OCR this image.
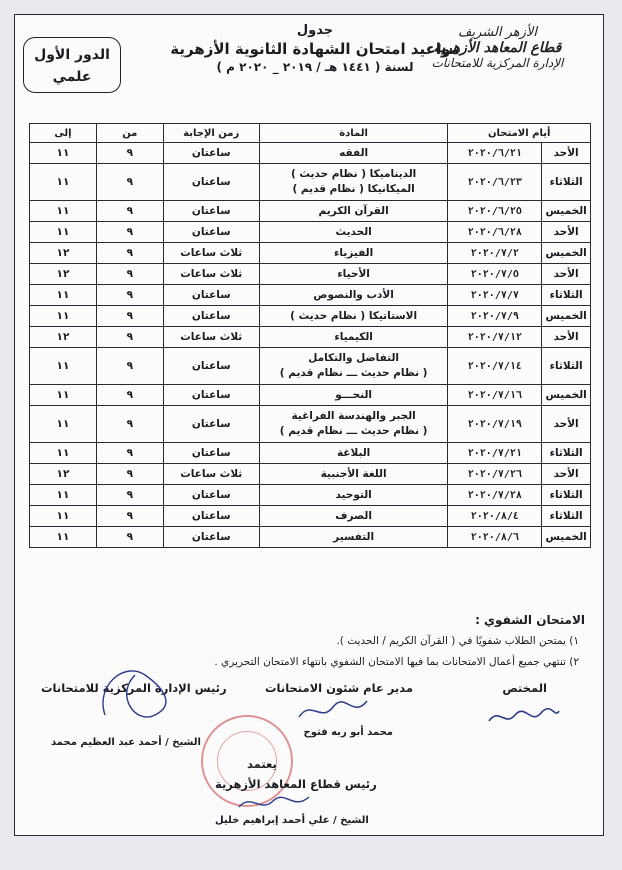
الأزهر الشريف
قطاع المعاهد الأزهرية
الإدارة المركزية للامتحانات
جدول
مواعيد امتحان الشهادة الثانوية الأزهرية
لسنة ( ١٤٤١ هـ / ٢٠١٩ _ ٢٠٢٠ م )
الدور الأول
علمي
أيام الامتحان		المادة	زمن الإجابة	من	إلى
الأحد	٢٠٢٠/٦/٢١	الفقه	ساعتان	٩	١١
الثلاثاء	٢٠٢٠/٦/٢٣	الديناميكا ( نظام حديث )
الميكانيكا ( نظام قديم )	ساعتان	٩	١١
الخميس	٢٠٢٠/٦/٢٥	القرآن الكريم	ساعتان	٩	١١
الأحد	٢٠٢٠/٦/٢٨	الحديث	ساعتان	٩	١١
الخميس	٢٠٢٠/٧/٢	الفيزياء	ثلاث ساعات	٩	١٢
الأحد	٢٠٢٠/٧/٥	الأحياء	ثلاث ساعات	٩	١٢
الثلاثاء	٢٠٢٠/٧/٧	الأدب والنصوص	ساعتان	٩	١١
الخميس	٢٠٢٠/٧/٩	الاستاتيكا ( نظام حديث )	ساعتان	٩	١١
الأحد	٢٠٢٠/٧/١٢	الكيمياء	ثلاث ساعات	٩	١٢
الثلاثاء	٢٠٢٠/٧/١٤	التفاضل والتكامل
( نظام حديث ـــ نظام قديم )	ساعتان	٩	١١
الخميس	٢٠٢٠/٧/١٦	النحـــو	ساعتان	٩	١١
الأحد	٢٠٢٠/٧/١٩	الجبر والهندسة الفراغية
( نظام حديث ـــ نظام قديم )	ساعتان	٩	١١
الثلاثاء	٢٠٢٠/٧/٢١	البلاغة	ساعتان	٩	١١
الأحد	٢٠٢٠/٧/٢٦	اللغة الأجنبية	ثلاث ساعات	٩	١٢
الثلاثاء	٢٠٢٠/٧/٢٨	التوحيد	ساعتان	٩	١١
الثلاثاء	٢٠٢٠/٨/٤	الصرف	ساعتان	٩	١١
الخميس	٢٠٢٠/٨/٦	التفسير	ساعتان	٩	١١
الامتحان الشفوي :
١) يمتحن الطلاب شفويًا في ( القرآن الكريم / الحديث ).
٢) تنتهي جميع أعمال الامتحانات بما فيها الامتحان الشفوي بانتهاء الامتحان التحريري .
المختص
مدير عام شئون الامتحانات
محمد أبو ربه فتوح
رئيس الإدارة المركزية للامتحانات
الشيخ / أحمد عبد العظيم محمد
يعتمد
رئيس قطاع المعاهد الأزهرية
الشيخ / علي أحمد إبراهيم خليل
